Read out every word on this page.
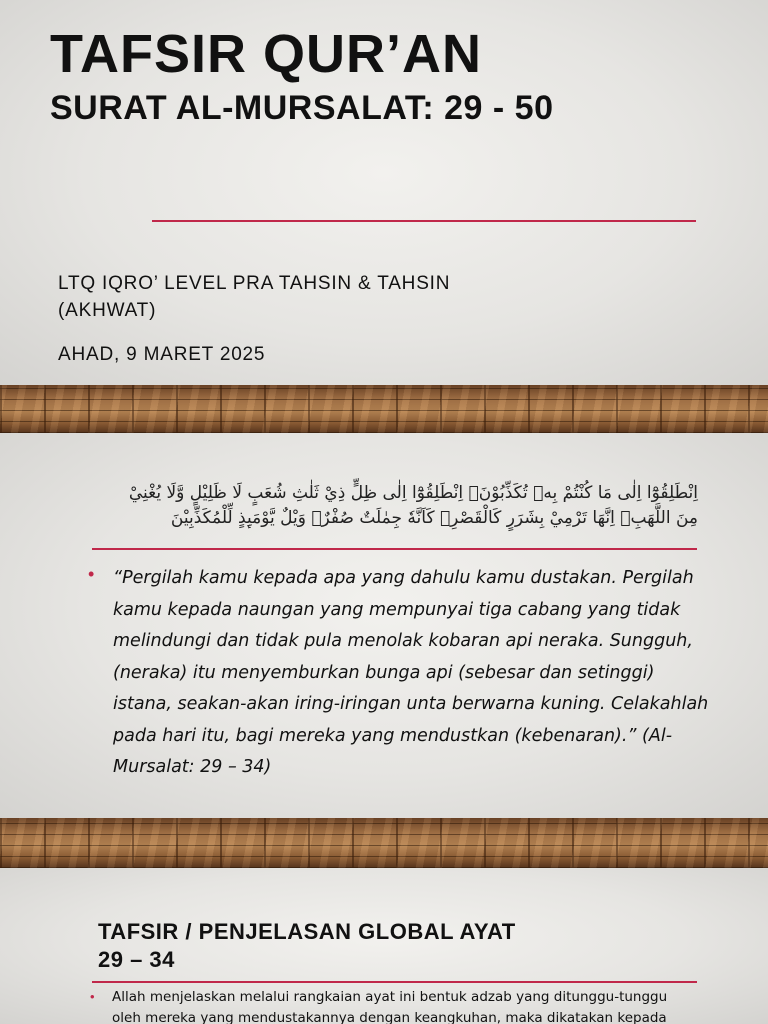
TAFSIR QUR’AN
SURAT AL-MURSALAT: 29 - 50

LTQ IQRO’ LEVEL PRA TAHSIN & TAHSIN (AKHWAT)

AHAD, 9 MARET 2025

اِنْطَلِقُوْٓا اِلٰى مَا كُنْتُمْ بِهٖ تُكَذِّبُوْنَۚ اِنْطَلِقُوْٓا اِلٰى ظِلٍّ ذِيْ ثَلٰثِ شُعَبٍ لَا ظَلِيْلٍ وَّلَا يُغْنِيْ مِنَ اللَّهَبِۗ اِنَّهَا تَرْمِيْ بِشَرَرٍ كَالْقَصْرِۚ كَاَنَّهٗ جِمٰلَتٌ صُفْرٌۗ وَيْلٌ يَّوْمَىِٕذٍ لِّلْمُكَذِّبِيْنَ

• “Pergilah kamu kepada apa yang dahulu kamu dustakan. Pergilah kamu kepada naungan yang mempunyai tiga cabang yang tidak melindungi dan tidak pula menolak kobaran api neraka. Sungguh, (neraka) itu menyemburkan bunga api (sebesar dan setinggi) istana, seakan-akan iring-iringan unta berwarna kuning. Celakahlah pada hari itu, bagi mereka yang mendustkan (kebenaran).” (Al-Mursalat: 29 – 34)

TAFSIR / PENJELASAN GLOBAL AYAT 29 – 34
• Allah menjelaskan melalui rangkaian ayat ini bentuk adzab yang ditunggu-tunggu oleh mereka yang mendustakannya dengan keangkuhan, maka dikatakan kepada
